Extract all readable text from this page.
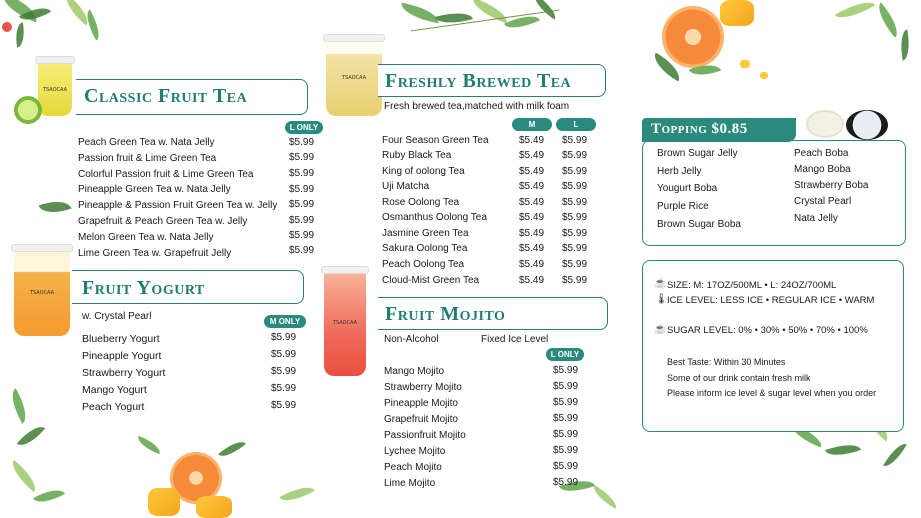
TSAOCAA
TSAOCAA
TSAOCAA
TSAOCAA
Classic Fruit Tea
L ONLY
Peach Green Tea w. Nata Jelly	$5.99
Passion fruit & Lime Green Tea	$5.99
Colorful Passion fruit & Lime Green Tea	$5.99
Pineapple Green Tea w. Nata Jelly	$5.99
Pineapple & Passion Fruit Green Tea w. Jelly $5.99
Grapefruit & Peach Green Tea w. Jelly	$5.99
Melon Green Tea w. Nata Jelly	$5.99
Lime Green Tea w. Grapefruit Jelly	$5.99
Fruit Yogurt
w. Crystal Pearl	M ONLY
Blueberry Yogurt	$5.99
Pineapple Yogurt	$5.99
Strawberry Yogurt	$5.99
Mango Yogurt	$5.99
Peach Yogurt	$5.99
Freshly Brewed Tea
Fresh brewed tea,matched with milk foam
M	L
Four Season Green Tea	$5.49 $5.99
Ruby Black Tea	$5.49 $5.99
King of oolong Tea	$5.49 $5.99
Uji Matcha	$5.49 $5.99
Rose Oolong Tea	$5.49 $5.99
Osmanthus Oolong Tea	$5.49 $5.99
Jasmine Green Tea	$5.49 $5.99
Sakura Oolong Tea	$5.49 $5.99
Peach Oolong Tea	$5.49 $5.99
Cloud-Mist Green Tea	$5.49 $5.99
Fruit Mojito
Non-Alcohol	Fixed Ice Level
L ONLY
Mango Mojito	$5.99
Strawberry Mojito	$5.99
Pineapple Mojito	$5.99
Grapefruit Mojito	$5.99
Passionfruit Mojito	$5.99
Lychee Mojito	$5.99
Peach Mojito	$5.99
Lime Mojito	$5.99
Topping $0.85
Brown Sugar Jelly
Herb Jelly
Yougurt Boba
Purple Rice
Brown Sugar Boba
Peach Boba
Mango Boba
Strawberry Boba
Crystal Pearl
Nata Jelly
☕ SIZE: M: 17OZ/500ML • L: 24OZ/700ML
🌡 ICE LEVEL: LESS ICE • REGULAR ICE • WARM
☕ SUGAR LEVEL: 0% • 30% • 50% • 70% • 100%
Best Taste: Within 30 Minutes
Some of our drink contain fresh milk
Please inform ice level & sugar level when you order
